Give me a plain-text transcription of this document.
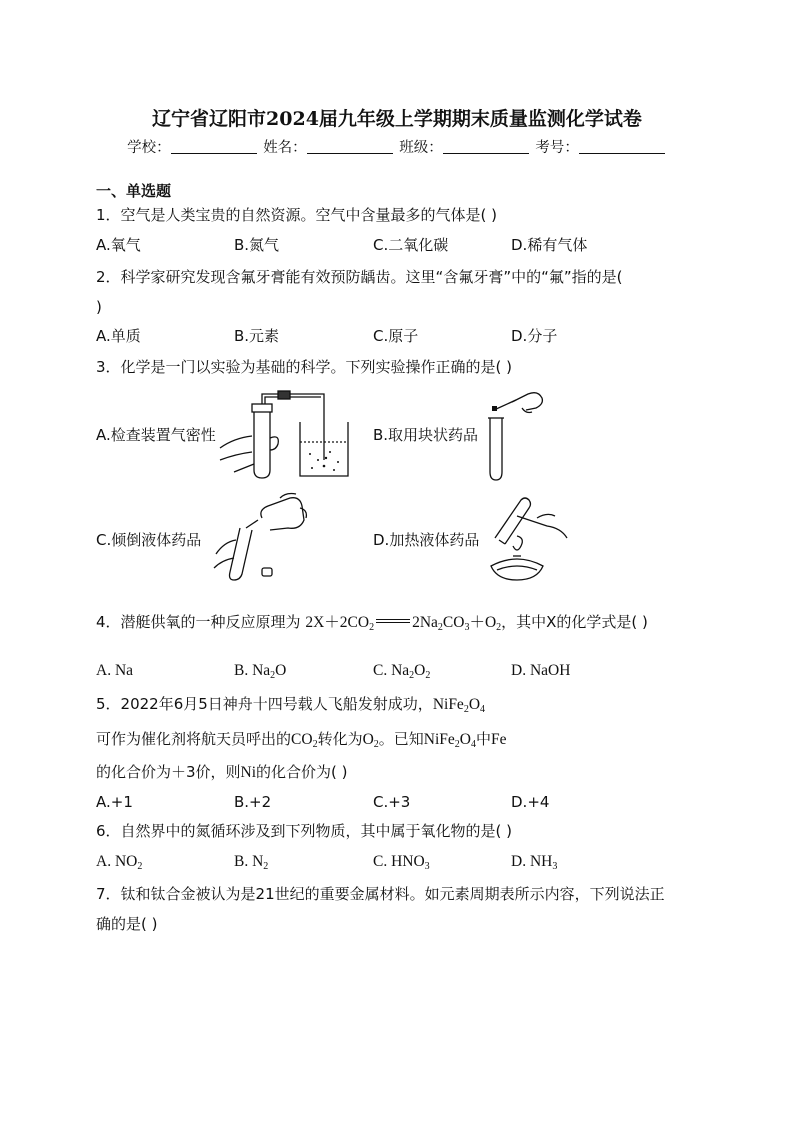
辽宁省辽阳市2024届九年级上学期期末质量监测化学试卷
学校：	姓名：	班级：	考号：
一、单选题
1．空气是人类宝贵的自然资源。空气中含量最多的气体是( )
A.氧气	B.氮气	C.二氧化碳	D.稀有气体
2．科学家研究发现含氟牙膏能有效预防龋齿。这里“含氟牙膏”中的“氟”指的是(
)
A.单质	B.元素	C.原子	D.分子
3．化学是一门以实验为基础的科学。下列实验操作正确的是( )
A.检查装置气密性	B.取用块状药品
C.倾倒液体药品	D.加热液体药品
4．潜艇供氧的一种反应原理为 $2X+2CO_2$ $2Na_2CO_3+O_2$，其中X的化学式是( )
A. Na	B. $Na_2O$	C. $Na_2O_2$	D. NaOH
5．2022年6月5日神舟十四号载人飞船发射成功，$NiFe_2O_4$
可作为催化剂将航天员呼出的$CO_2$转化为$O_2$。已知$NiFe_2O_4$中Fe
的化合价为＋3价，则Ni的化合价为( )
A.+1	B.+2	C.+3	D.+4
6．自然界中的氮循环涉及到下列物质，其中属于氧化物的是( )
A. $NO_2$	B. $N_2$	C. $HNO_3$	D. $NH_3$
7．钛和钛合金被认为是21世纪的重要金属材料。如元素周期表所示内容，下列说法正
确的是( )
